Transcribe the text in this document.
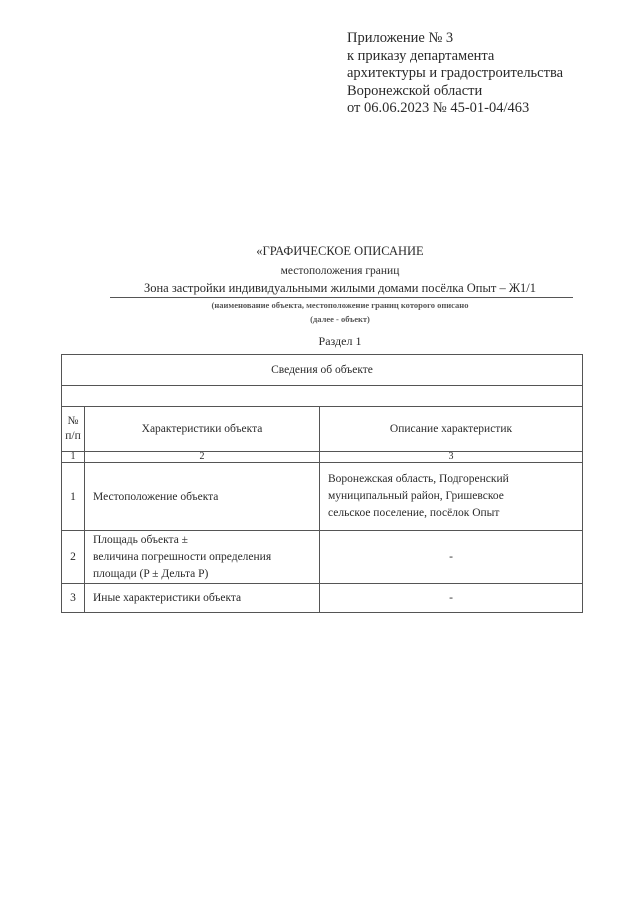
Приложение № 3
к приказу департамента
архитектуры и градостроительства
Воронежской области
от 06.06.2023 № 45-01-04/463
«ГРАФИЧЕСКОЕ ОПИСАНИЕ
местоположения границ
Зона застройки индивидуальными жилыми домами посёлка Опыт – Ж1/1
(наименование объекта, местоположение границ которого описано
(далее - объект)
Раздел 1
Сведения об объекте		

№
п/п	Характеристики объекта	Описание характеристик
1	2	3
1	Местоположение объекта	Воронежская область, Подгоренский
муниципальный район, Гришевское
сельское поселение, посёлок Опыт

2	Площадь объекта ±
величина погрешности определения
площади (P ± Дельта P)	-
3	Иные характеристики объекта	-
